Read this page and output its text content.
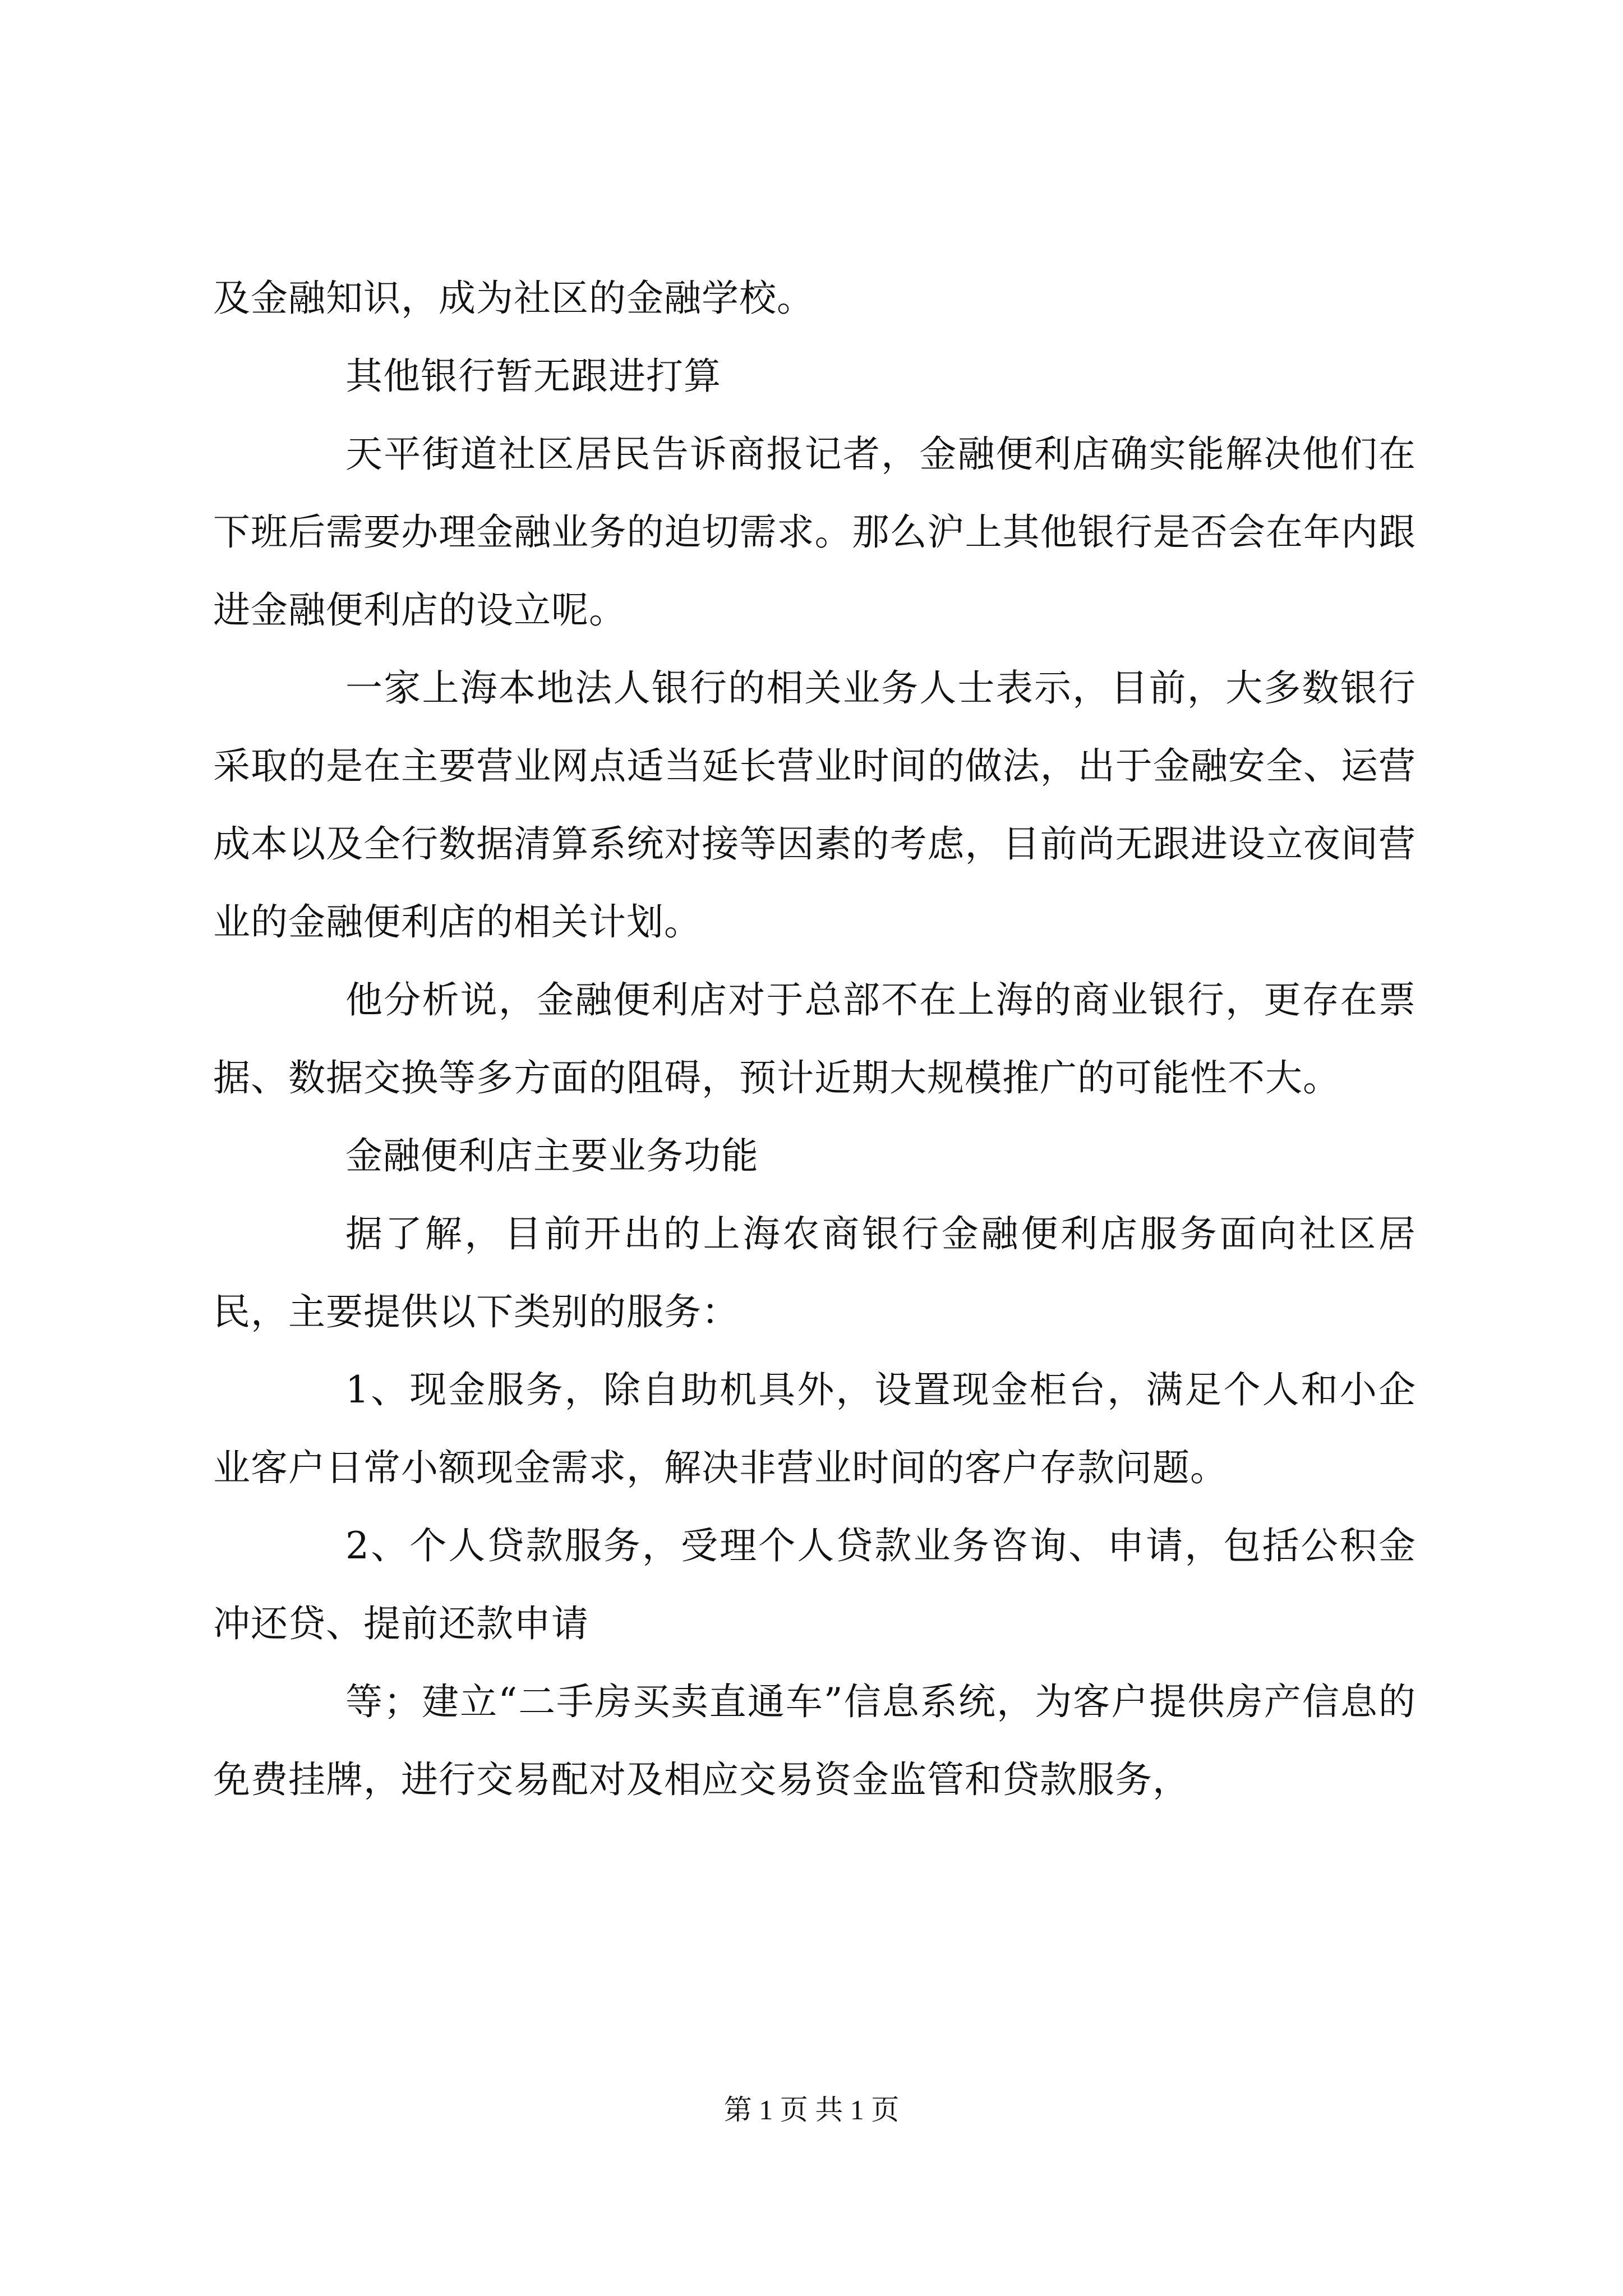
及金融知识，成为社区的金融学校。

其他银行暂无跟进打算

天平街道社区居民告诉商报记者，金融便利店确实能解决他们在下班后需要办理金融业务的迫切需求。那么沪上其他银行是否会在年内跟进金融便利店的设立呢。

一家上海本地法人银行的相关业务人士表示，目前，大多数银行采取的是在主要营业网点适当延长营业时间的做法，出于金融安全、运营成本以及全行数据清算系统对接等因素的考虑，目前尚无跟进设立夜间营业的金融便利店的相关计划。

他分析说，金融便利店对于总部不在上海的商业银行，更存在票据、数据交换等多方面的阻碍，预计近期大规模推广的可能性不大。

金融便利店主要业务功能

据了解，目前开出的上海农商银行金融便利店服务面向社区居民，主要提供以下类别的服务：

1、现金服务，除自助机具外，设置现金柜台，满足个人和小企业客户日常小额现金需求，解决非营业时间的客户存款问题。

2、个人贷款服务，受理个人贷款业务咨询、申请，包括公积金冲还贷、提前还款申请

等；建立“二手房买卖直通车”信息系统，为客户提供房产信息的免费挂牌，进行交易配对及相应交易资金监管和贷款服务，

第 1 页 共 1 页
